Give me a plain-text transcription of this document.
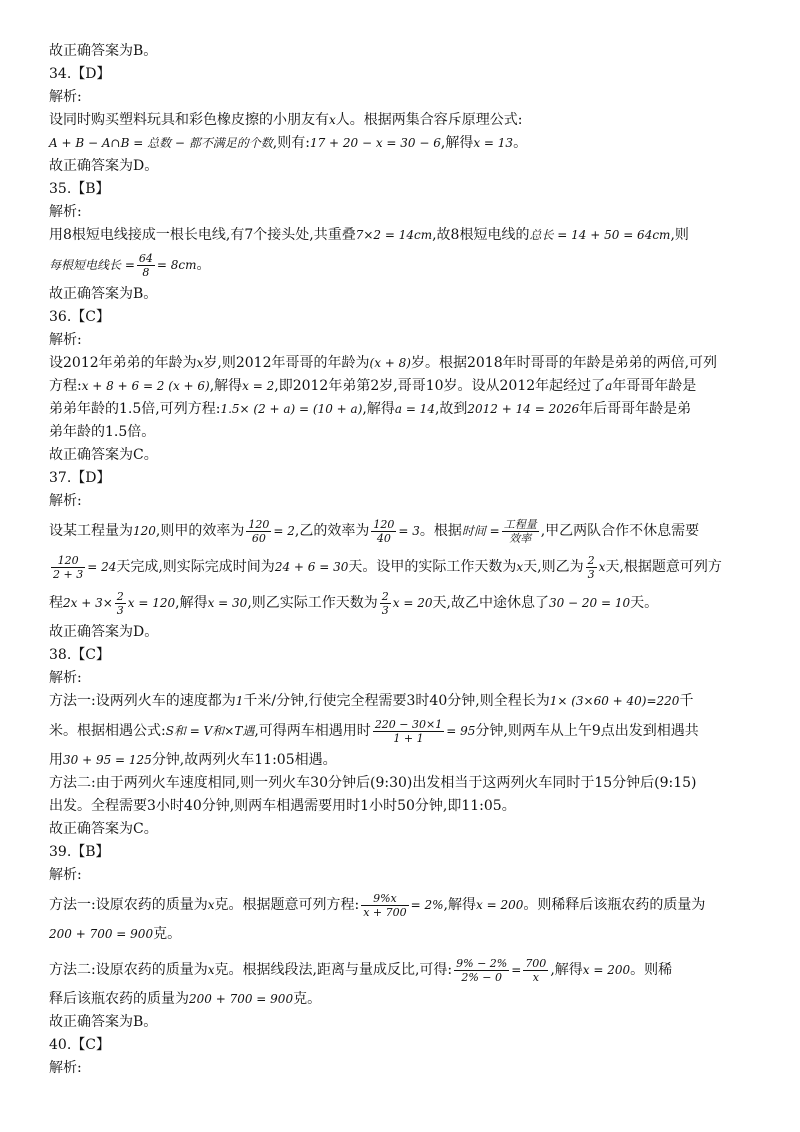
故正确答案为B。
34.【D】
解析:
设同时购买塑料玩具和彩色橡皮擦的小朋友有x人。根据两集合容斥原理公式:
A + B − A∩B = 总数 − 都不满足的个数,则有:17 + 20 − x = 30 − 6,解得x = 13。
故正确答案为D。
35.【B】
解析:
用8根短电线接成一根长电线,有7个接头处,共重叠7×2 = 14cm,故8根短电线的总长 = 14 + 50 = 64cm,则
每根短电线长 = $\frac{64}{8} = 8cm$。
故正确答案为B。
36.【C】
解析:
设2012年弟弟的年龄为x岁,则2012年哥哥的年龄为(x + 8)岁。根据2018年时哥哥的年龄是弟弟的两倍,可列
方程:x + 8 + 6 = 2 (x + 6),解得x = 2,即2012年弟第2岁,哥哥10岁。设从2012年起经过了a年哥哥年龄是
弟弟年龄的1.5倍,可列方程:1.5× (2 + a) = (10 + a),解得a = 14,故到2012 + 14 = 2026年后哥哥年龄是弟
弟年龄的1.5倍。
故正确答案为C。
37.【D】
解析:
设某工程量为120,则甲的效率为 $\frac{120}{60} = 2$,乙的效率为 $\frac{120}{40} = 3$。根据时间 = $\frac{\text{工程量}}{\text{效率}}$ ,甲乙两队合作不休息需要
$\frac{120}{2 + 3} = 24$天完成,则实际完成时间为24 + 6 = 30天。设甲的实际工作天数为x天,则乙为 $\frac{2}{3}$ x天,根据题意可列方
程$2x + 3\times \frac{2}{3}$ x = 120,解得x = 30,则乙实际工作天数为 $\frac{2}{3}$ x = 20天,故乙中途休息了30 − 20 = 10天。
故正确答案为D。
38.【C】
解析:
方法一:设两列火车的速度都为1千米/分钟,行使完全程需要3时40分钟,则全程长为1× (3×60 + 40)=220千
米。根据相遇公式:S和 = V和×T遇,可得两车相遇用时 $\frac{220 - 30\times 1}{1 + 1} = 95$分钟,则两车从上午9点出发到相遇共
用30 + 95 = 125分钟,故两列火车11:05相遇。
方法二:由于两列火车速度相同,则一列火车30分钟后(9:30)出发相当于这两列火车同时于15分钟后(9:15)
出发。全程需要3小时40分钟,则两车相遇需要用时1小时50分钟,即11:05。
故正确答案为C。
39.【B】
解析:
方法一:设原农药的质量为x克。根据题意可列方程: $\frac{9\%x}{x + 700} = 2\%$,解得x = 200。则稀释后该瓶农药的质量为
200 + 700 = 900克。
方法二:设原农药的质量为x克。根据线段法,距离与量成反比,可得: $\frac{9\% - 2\%}{2\% - 0} = \frac{700}{x}$ ,解得x = 200。则稀
释后该瓶农药的质量为200 + 700 = 900克。
故正确答案为B。
40.【C】
解析:
